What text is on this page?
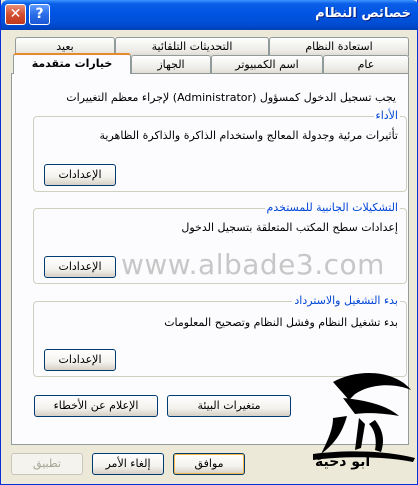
✕	?	خصائص النظام
بعيد	التحديثات التلقائية	استعادة النظام
خيارات متقدمة	الجهاز	اسم الكمبيوتر	عام
يجب تسجيل الدخول كمسؤول (Administrator) لإجراء معظم التغييرات
الأداء
تأثيرات مرئية وجدولة المعالج واستخدام الذاكرة والذاكرة الظاهرية
الإعدادات
التشكيلات الجانبية للمستخدم
إعدادات سطح المكتب المتعلقة بتسجيل الدخول
الإعدادات
بدء التشغيل والاسترداد
بدء تشغيل النظام وفشل النظام وتصحيح المعلومات
الإعدادات
متغيرات البيئة
الإعلام عن الأخطاء
موافق
إلغاء الأمر
تطبيق
www.albade3.com
أبو دحية
